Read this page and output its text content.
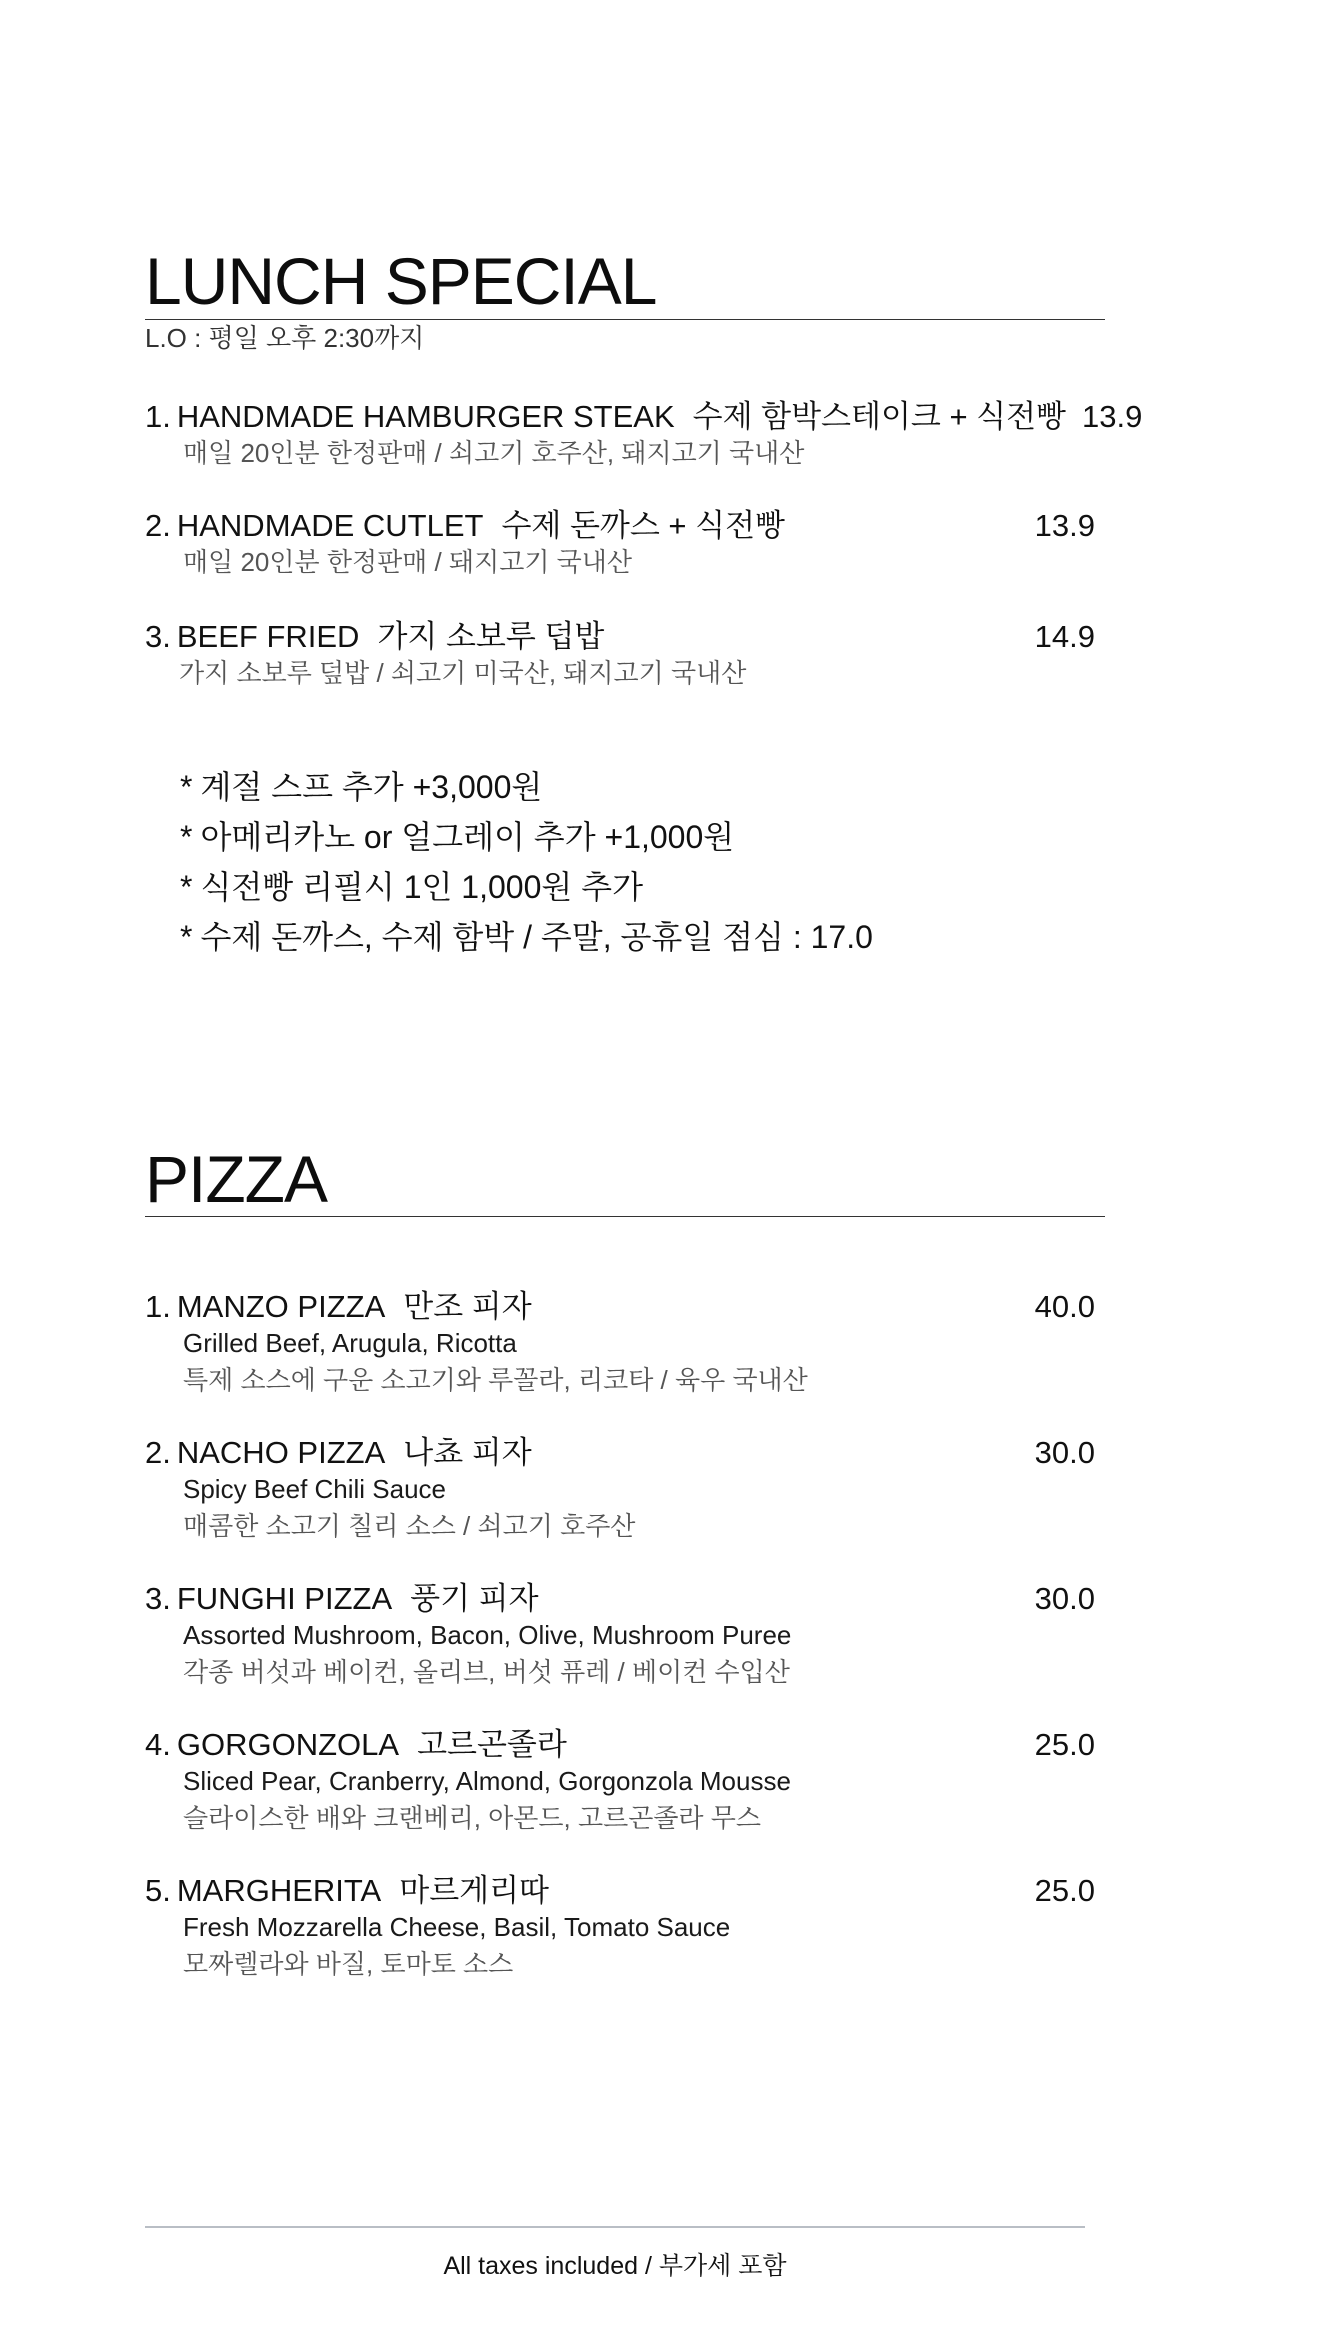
LUNCH SPECIAL
L.O : 평일 오후 2:30까지
1. HANDMADE HAMBURGER STEAK 수제 함박스테이크 + 식전빵 13.9
매일 20인분 한정판매 / 쇠고기 호주산, 돼지고기 국내산
2. HANDMADE CUTLET 수제 돈까스 + 식전빵	13.9
매일 20인분 한정판매 / 돼지고기 국내산
3. BEEF FRIED 가지 소보루 덥밥	14.9
가지 소보루 덮밥 / 쇠고기 미국산, 돼지고기 국내산
* 계절 스프 추가 +3,000원
* 아메리카노 or 얼그레이 추가 +1,000원
* 식전빵 리필시 1인 1,000원 추가
* 수제 돈까스, 수제 함박 / 주말, 공휴일 점심 : 17.0
PIZZA
1. MANZO PIZZA 만조 피자	40.0
Grilled Beef, Arugula, Ricotta
특제 소스에 구운 소고기와 루꼴라, 리코타 / 육우 국내산
2. NACHO PIZZA 나쵸 피자	30.0
Spicy Beef Chili Sauce
매콤한 소고기 칠리 소스 / 쇠고기 호주산
3. FUNGHI PIZZA 풍기 피자	30.0
Assorted Mushroom, Bacon, Olive, Mushroom Puree
각종 버섯과 베이컨, 올리브, 버섯 퓨레 / 베이컨 수입산
4. GORGONZOLA 고르곤졸라	25.0
Sliced Pear, Cranberry, Almond, Gorgonzola Mousse
슬라이스한 배와 크랜베리, 아몬드, 고르곤졸라 무스
5. MARGHERITA 마르게리따	25.0
Fresh Mozzarella Cheese, Basil, Tomato Sauce
모짜렐라와 바질, 토마토 소스
All taxes included / 부가세 포함
